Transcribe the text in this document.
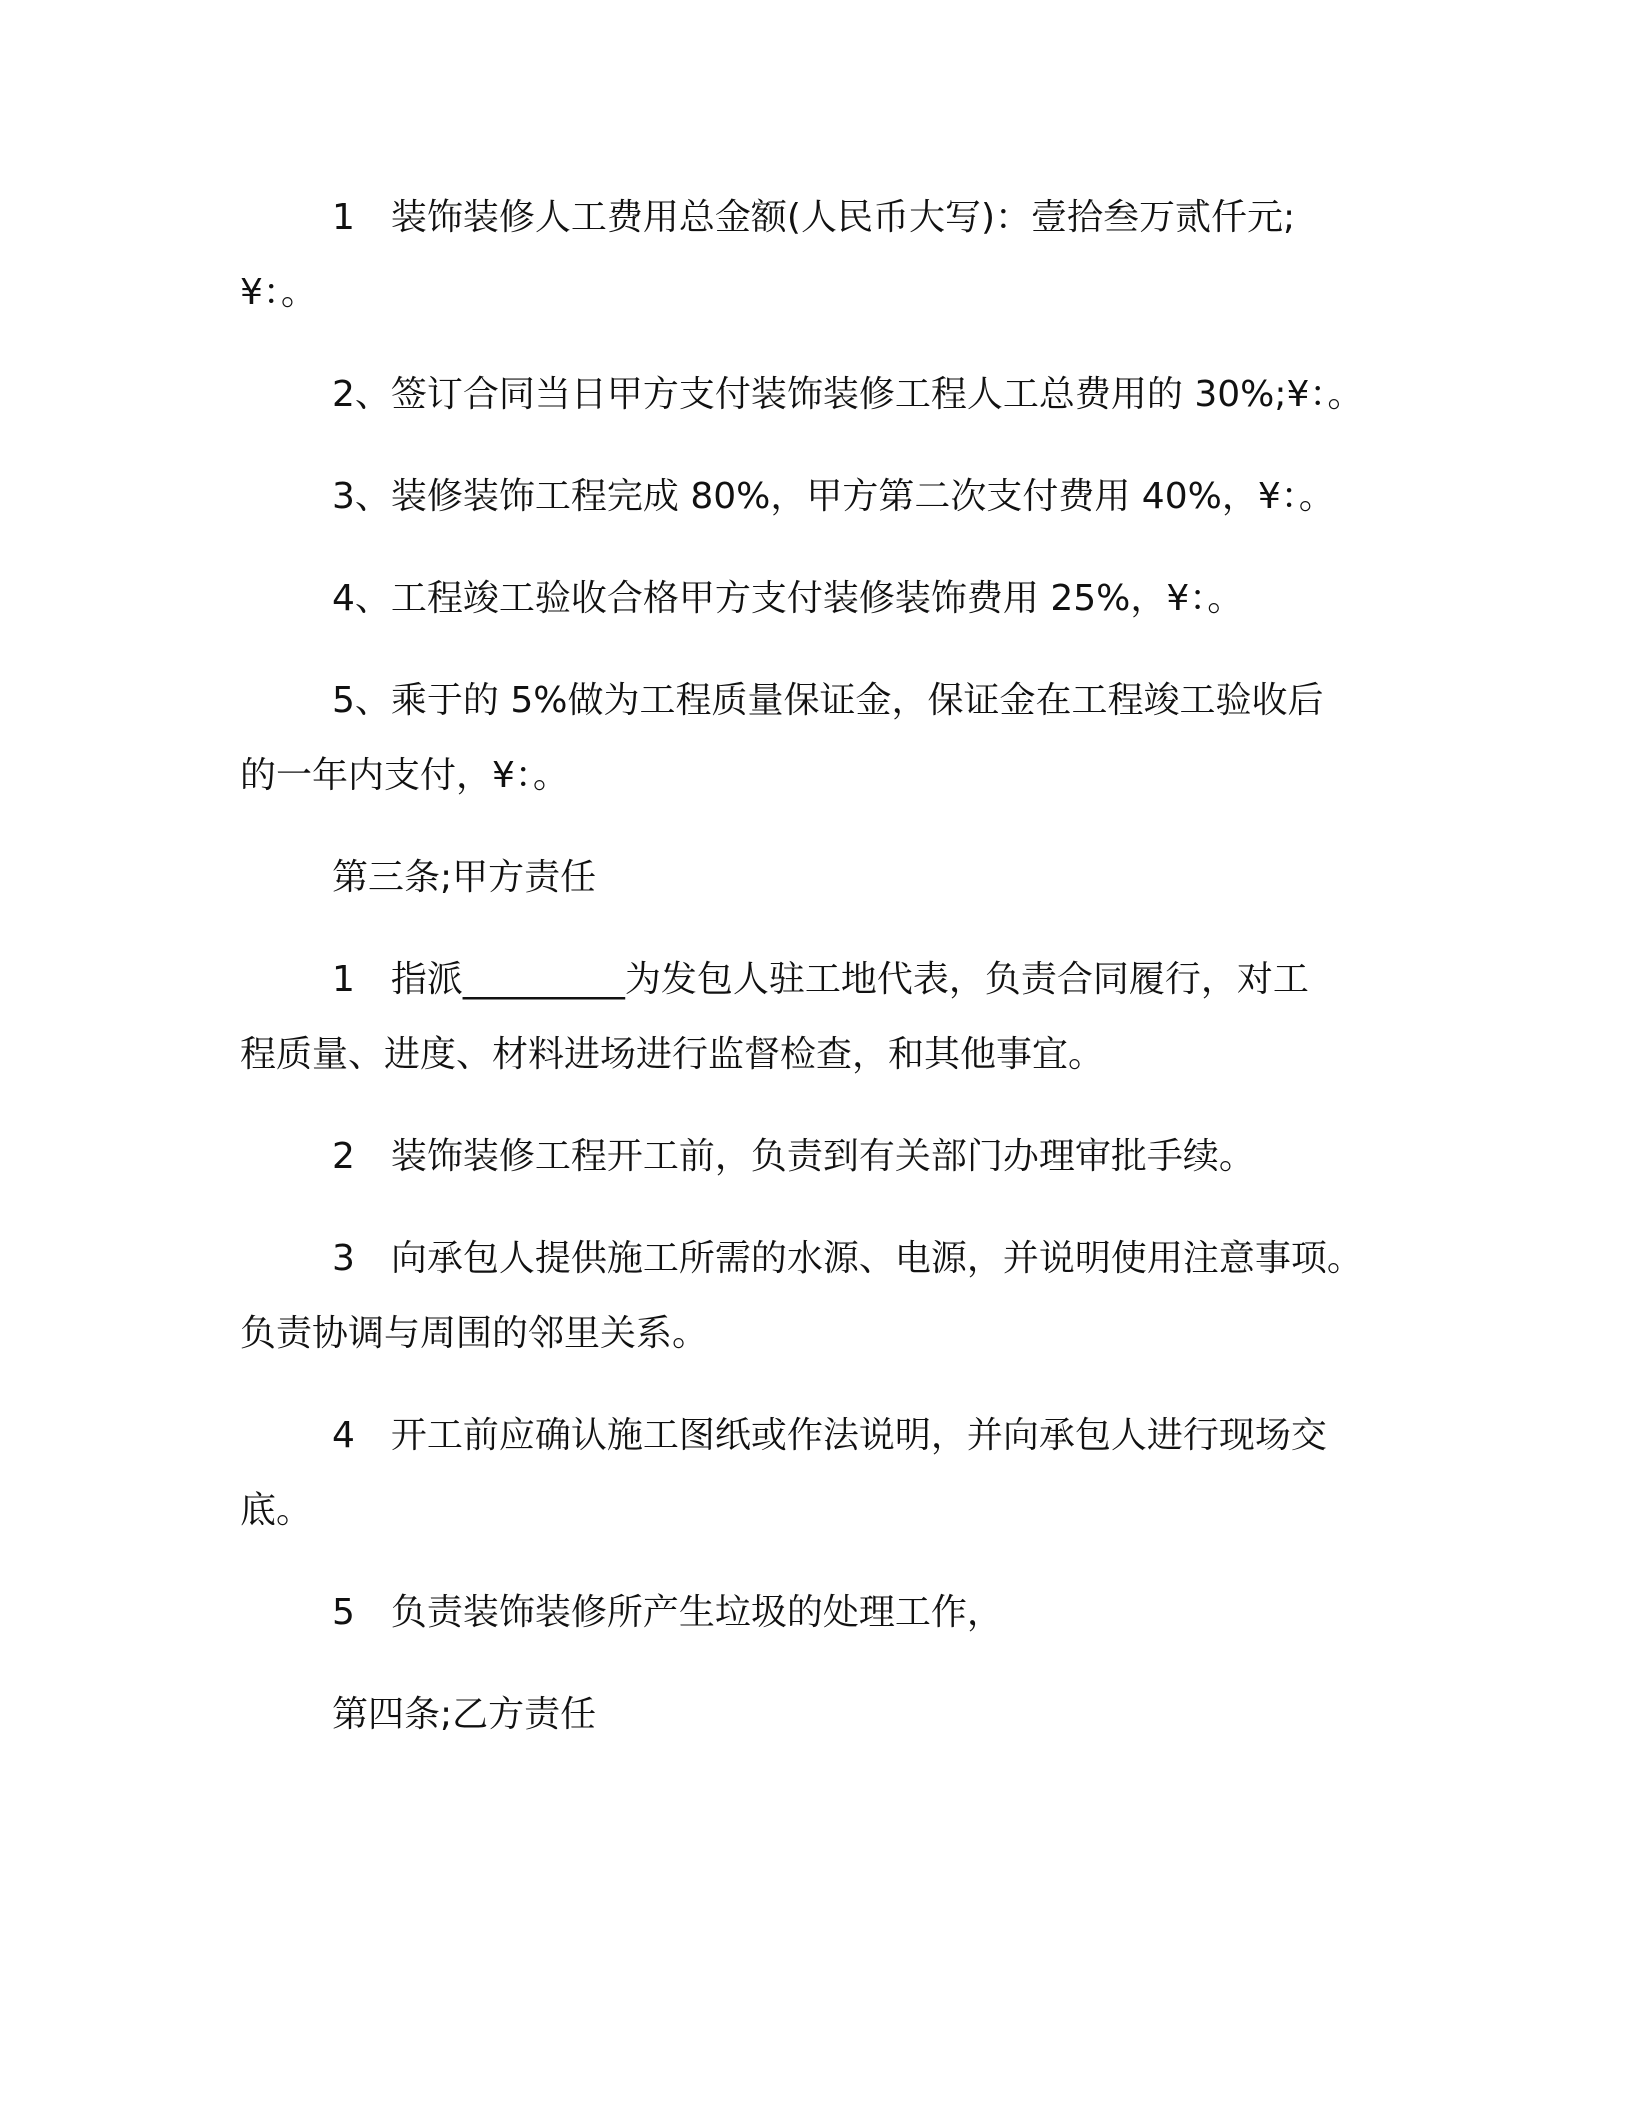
1　装饰装修人工费用总金额(人民币大写)：壹拾叁万贰仟元;
¥：。
2、签订合同当日甲方支付装饰装修工程人工总费用的 30%;¥：。
3、装修装饰工程完成 80%，甲方第二次支付费用 40%，¥：。
4、工程竣工验收合格甲方支付装修装饰费用 25%，¥：。
5、乘于的 5%做为工程质量保证金，保证金在工程竣工验收后
的一年内支付，¥：。
第三条;甲方责任
1　指派_________为发包人驻工地代表，负责合同履行，对工
程质量、进度、材料进场进行监督检查，和其他事宜。
2　装饰装修工程开工前，负责到有关部门办理审批手续。
3　向承包人提供施工所需的水源、电源，并说明使用注意事项。
负责协调与周围的邻里关系。
4　开工前应确认施工图纸或作法说明，并向承包人进行现场交
底。
5　负责装饰装修所产生垃圾的处理工作，
第四条;乙方责任
